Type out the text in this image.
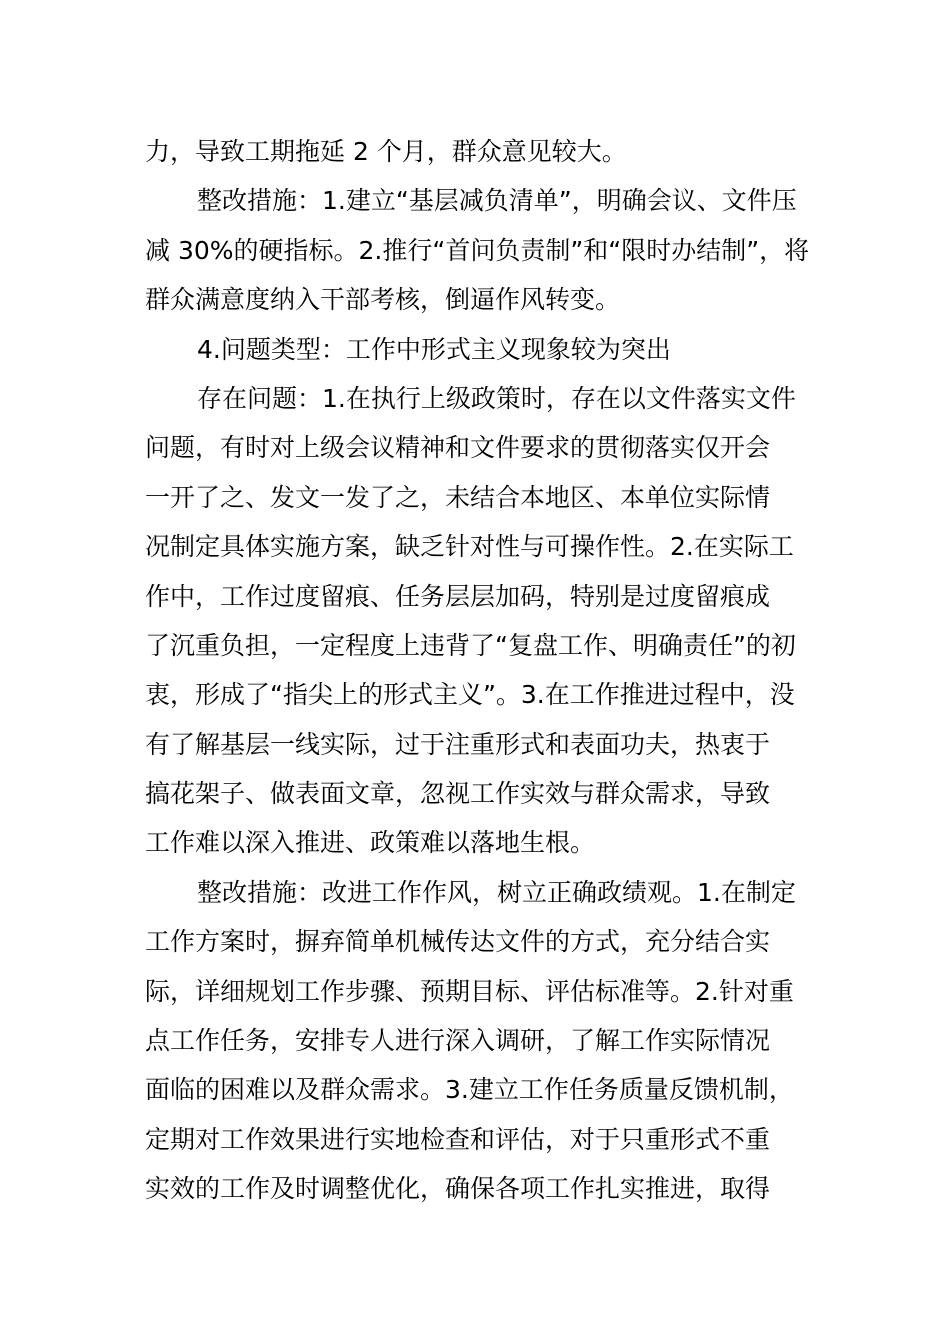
力，导致工期拖延 2 个月，群众意见较大。
整改措施：1.建立“基层减负清单”，明确会议、文件压
减 30%的硬指标。2.推行“首问负责制”和“限时办结制”，将
群众满意度纳入干部考核，倒逼作风转变。
4.问题类型：工作中形式主义现象较为突出
存在问题：1.在执行上级政策时，存在以文件落实文件
问题，有时对上级会议精神和文件要求的贯彻落实仅开会
一开了之、发文一发了之，未结合本地区、本单位实际情
况制定具体实施方案，缺乏针对性与可操作性。2.在实际工
作中，工作过度留痕、任务层层加码，特别是过度留痕成
了沉重负担，一定程度上违背了“复盘工作、明确责任”的初
衷，形成了“指尖上的形式主义”。3.在工作推进过程中，没
有了解基层一线实际，过于注重形式和表面功夫，热衷于
搞花架子、做表面文章，忽视工作实效与群众需求，导致
工作难以深入推进、政策难以落地生根。
整改措施：改进工作作风，树立正确政绩观。1.在制定
工作方案时，摒弃简单机械传达文件的方式，充分结合实
际，详细规划工作步骤、预期目标、评估标准等。2.针对重
点工作任务，安排专人进行深入调研，了解工作实际情况
面临的困难以及群众需求。3.建立工作任务质量反馈机制，
定期对工作效果进行实地检查和评估，对于只重形式不重
实效的工作及时调整优化，确保各项工作扎实推进，取得
